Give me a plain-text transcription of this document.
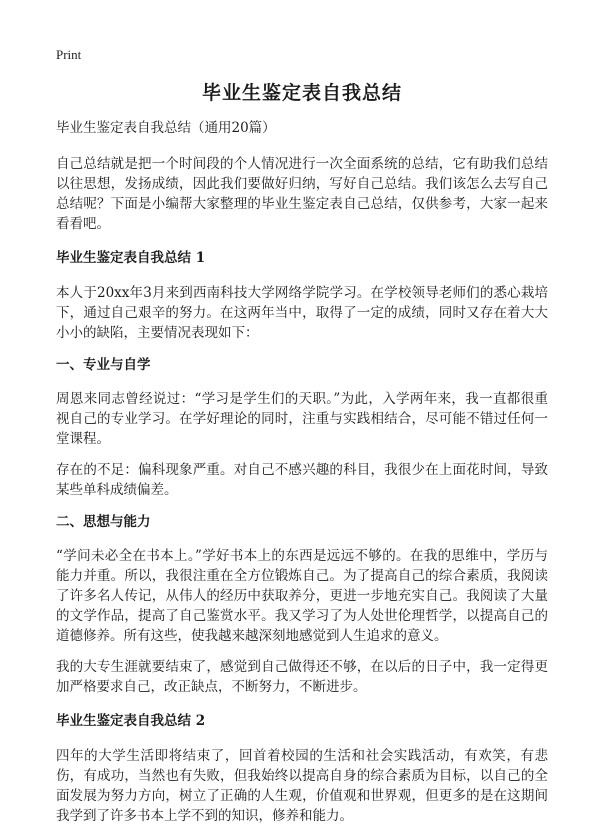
Print
毕业生鉴定表自我总结
毕业生鉴定表自我总结（通用20篇）

自己总结就是把一个时间段的个人情况进行一次全面系统的总结，它有助我们总结以往思想，发扬成绩，因此我们要做好归纳，写好自己总结。我们该怎么去写自己总结呢？下面是小编帮大家整理的毕业生鉴定表自己总结，仅供参考，大家一起来看看吧。

毕业生鉴定表自我总结 1

本人于20xx年3月来到西南科技大学网络学院学习。在学校领导老师们的悉心栽培下，通过自己艰辛的努力。在这两年当中，取得了一定的成绩，同时又存在着大大小小的缺陷，主要情况表现如下：

一、专业与自学

周恩来同志曾经说过：“学习是学生们的天职。”为此，入学两年来，我一直都很重视自己的专业学习。在学好理论的同时，注重与实践相结合，尽可能不错过任何一堂课程。

存在的不足：偏科现象严重。对自己不感兴趣的科目，我很少在上面花时间，导致某些单科成绩偏差。

二、思想与能力

“学问未必全在书本上。”学好书本上的东西是远远不够的。在我的思维中，学历与能力并重。所以，我很注重在全方位锻炼自己。为了提高自己的综合素质，我阅读了许多名人传记，从伟人的经历中获取养分，更进一步地充实自己。我阅读了大量的文学作品，提高了自己鉴赏水平。我又学习了为人处世伦理哲学，以提高自己的道德修养。所有这些，使我越来越深刻地感觉到人生追求的意义。

我的大专生涯就要结束了，感觉到自己做得还不够，在以后的日子中，我一定得更加严格要求自己，改正缺点，不断努力，不断进步。

毕业生鉴定表自我总结 2

四年的大学生活即将结束了，回首着校园的生活和社会实践活动，有欢笑，有悲伤，有成功，当然也有失败，但我始终以提高自身的综合素质为目标，以自己的全面发展为努力方向，树立了正确的人生观，价值观和世界观，但更多的是在这期间我学到了许多书本上学不到的知识，修养和能力。
